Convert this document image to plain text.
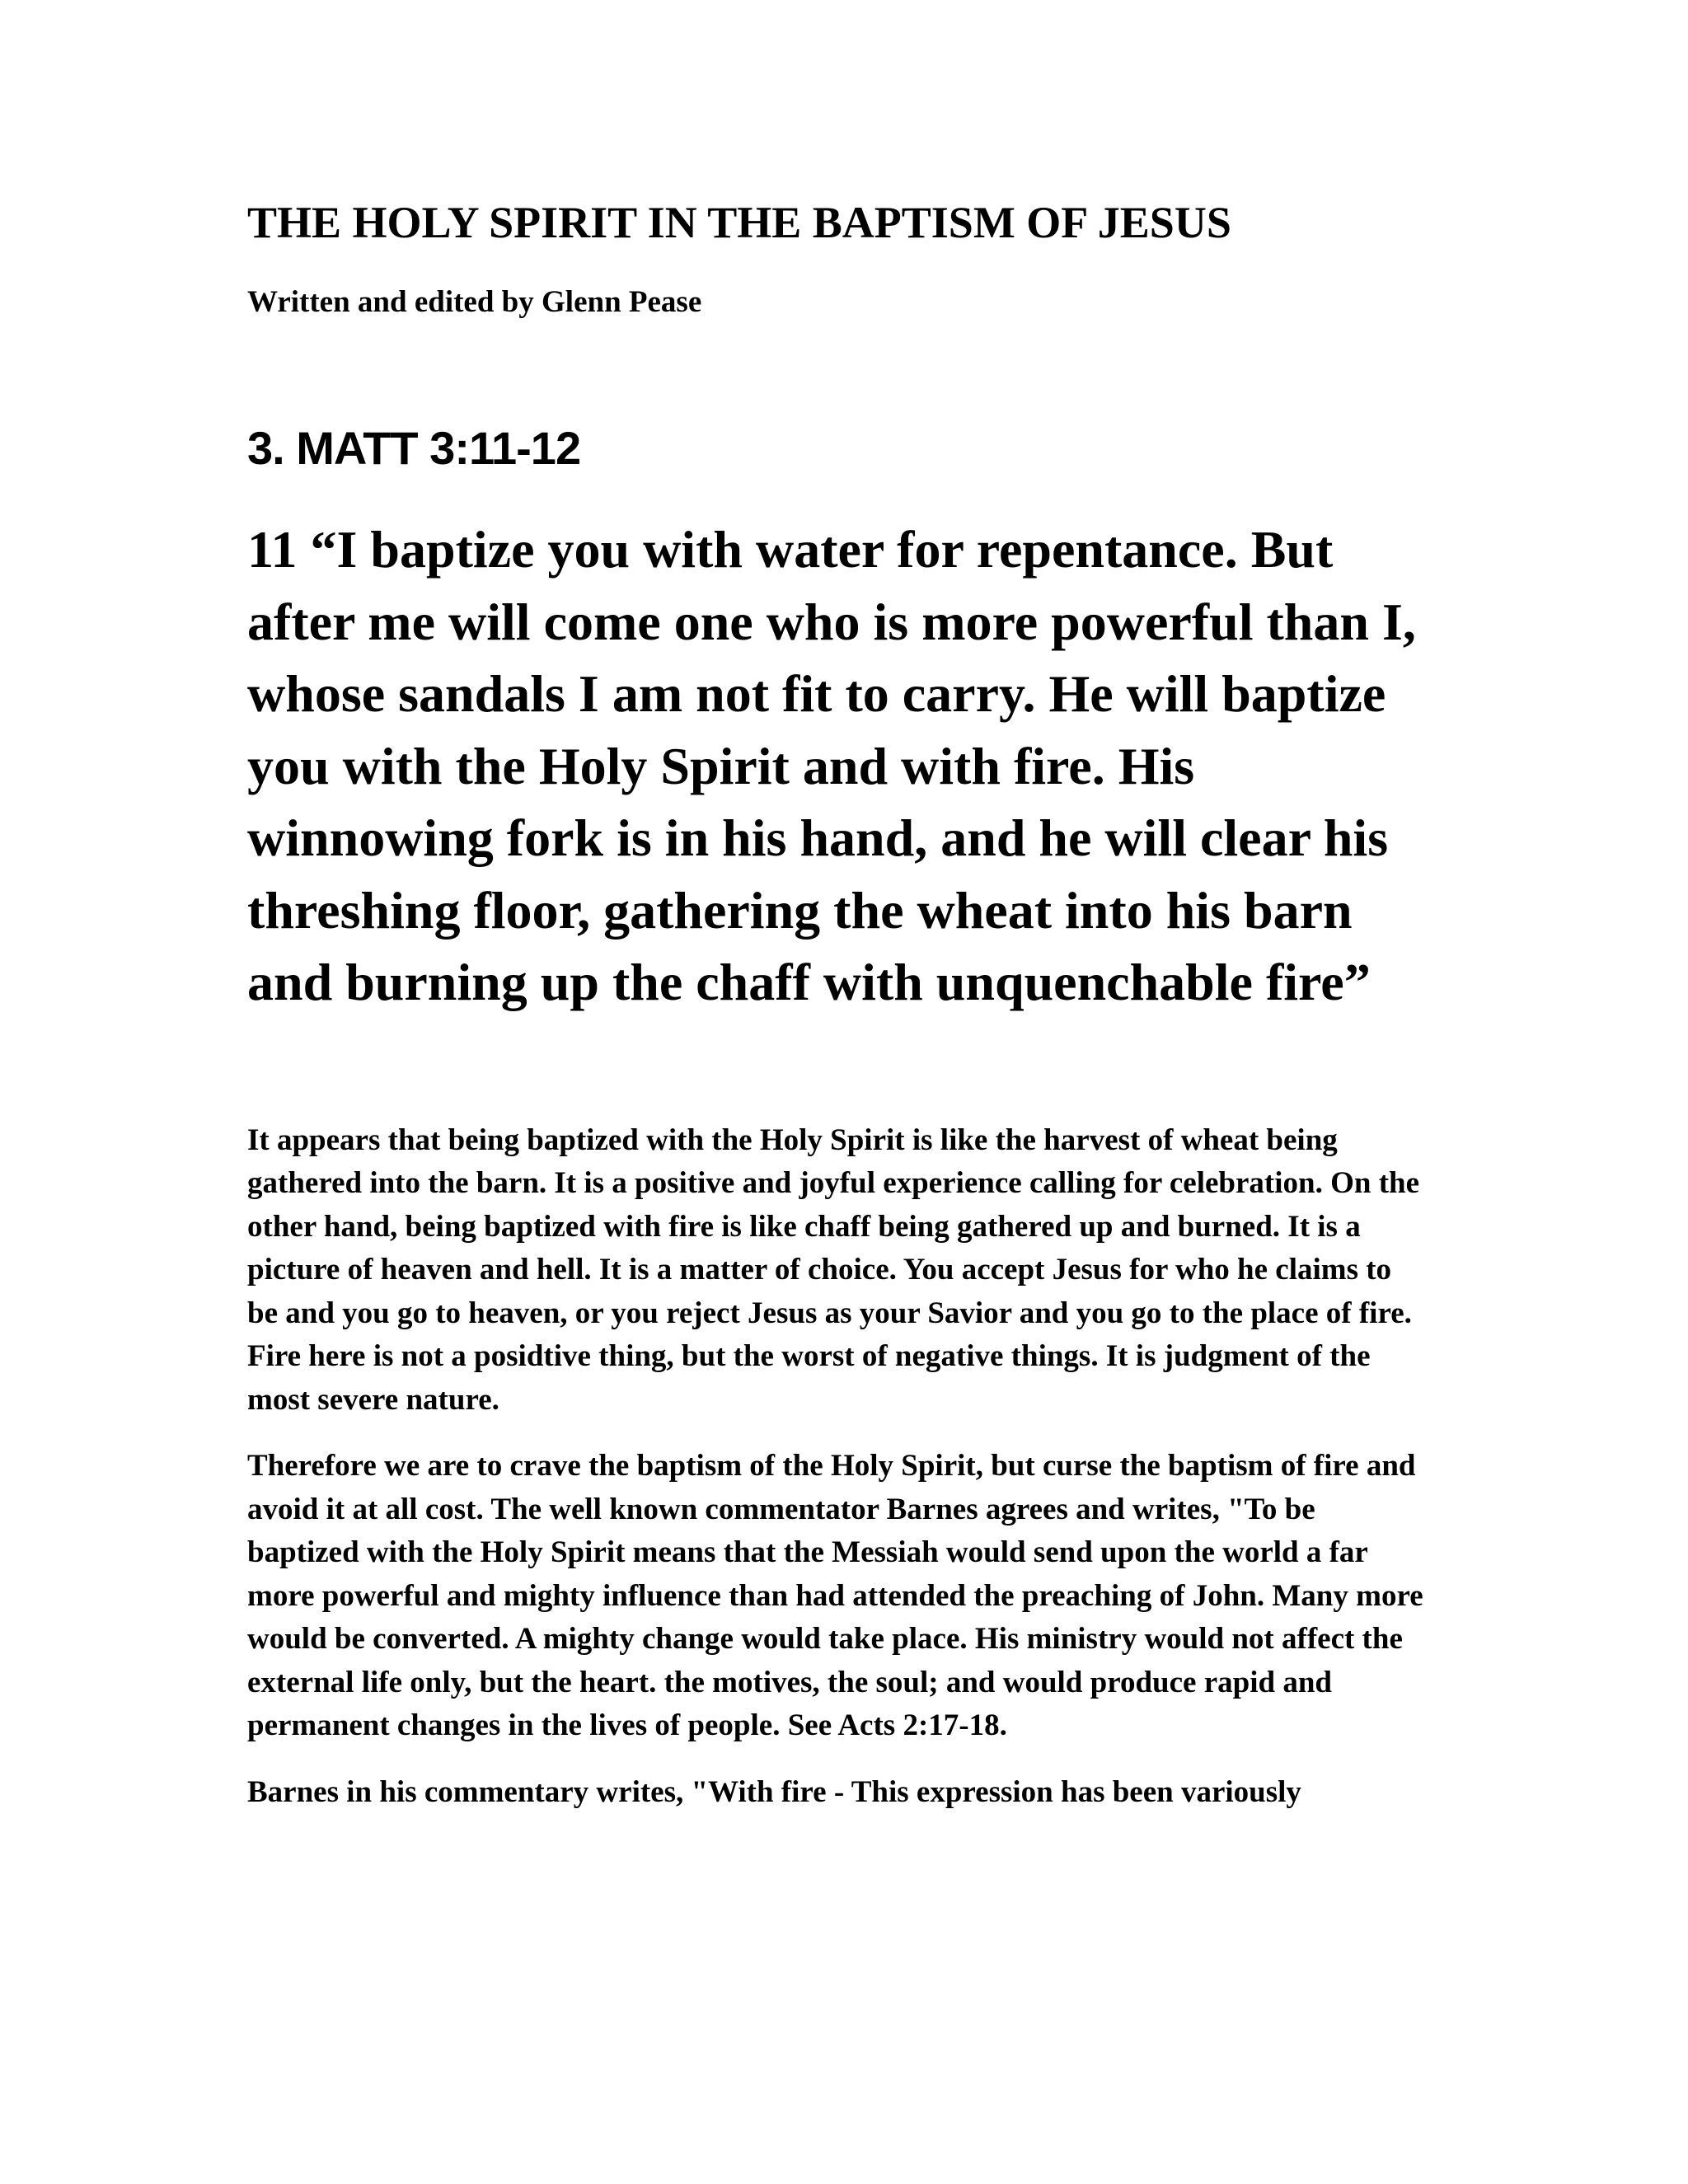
THE HOLY SPIRIT IN THE BAPTISM OF JESUS

Written and edited by Glenn Pease

3. MATT 3:11-12

11 “I baptize you with water for repentance. But after me will come one who is more powerful than I, whose sandals I am not fit to carry. He will baptize you with the Holy Spirit and with fire. His winnowing fork is in his hand, and he will clear his threshing floor, gathering the wheat into his barn and burning up the chaff with unquenchable fire”

It appears that being baptized with the Holy Spirit is like the harvest of wheat being gathered into the barn. It is a positive and joyful experience calling for celebration. On the other hand, being baptized with fire is like chaff being gathered up and burned. It is a picture of heaven and hell. It is a matter of choice. You accept Jesus for who he claims to be and you go to heaven, or you reject Jesus as your Savior and you go to the place of fire. Fire here is not a posidtive thing, but the worst of negative things. It is judgment of the most severe nature.

Therefore we are to crave the baptism of the Holy Spirit, but curse the baptism of fire and avoid it at all cost. The well known commentator Barnes agrees and writes, "To be baptized with the Holy Spirit means that the Messiah would send upon the world a far more powerful and mighty influence than had attended the preaching of John. Many more would be converted. A mighty change would take place. His ministry would not affect the external life only, but the heart. the motives, the soul; and would produce rapid and permanent changes in the lives of people. See Acts 2:17-18.

Barnes in his commentary writes, "With fire - This expression has been variously
